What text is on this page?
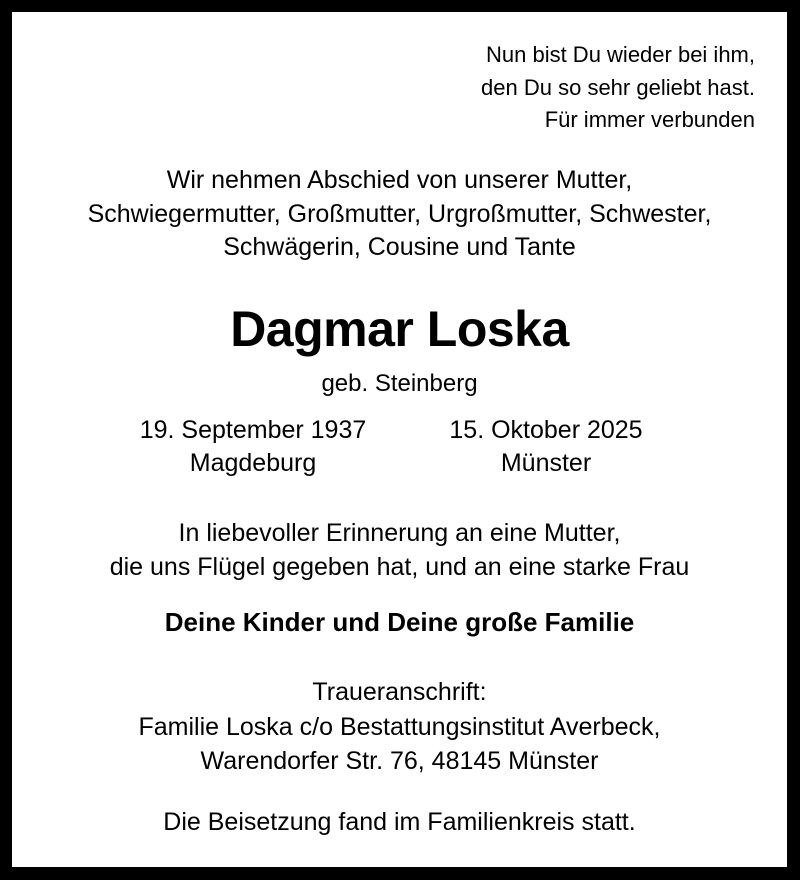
Nun bist Du wieder bei ihm,
den Du so sehr geliebt hast.
Für immer verbunden
Wir nehmen Abschied von unserer Mutter,
Schwiegermutter, Großmutter, Urgroßmutter, Schwester,
Schwägerin, Cousine und Tante
Dagmar Loska
geb. Steinberg
19. September 1937
Magdeburg
15. Oktober 2025
Münster
In liebevoller Erinnerung an eine Mutter,
die uns Flügel gegeben hat, und an eine starke Frau
Deine Kinder und Deine große Familie
Traueranschrift:
Familie Loska c/o Bestattungsinstitut Averbeck,
Warendorfer Str. 76, 48145 Münster
Die Beisetzung fand im Familienkreis statt.
